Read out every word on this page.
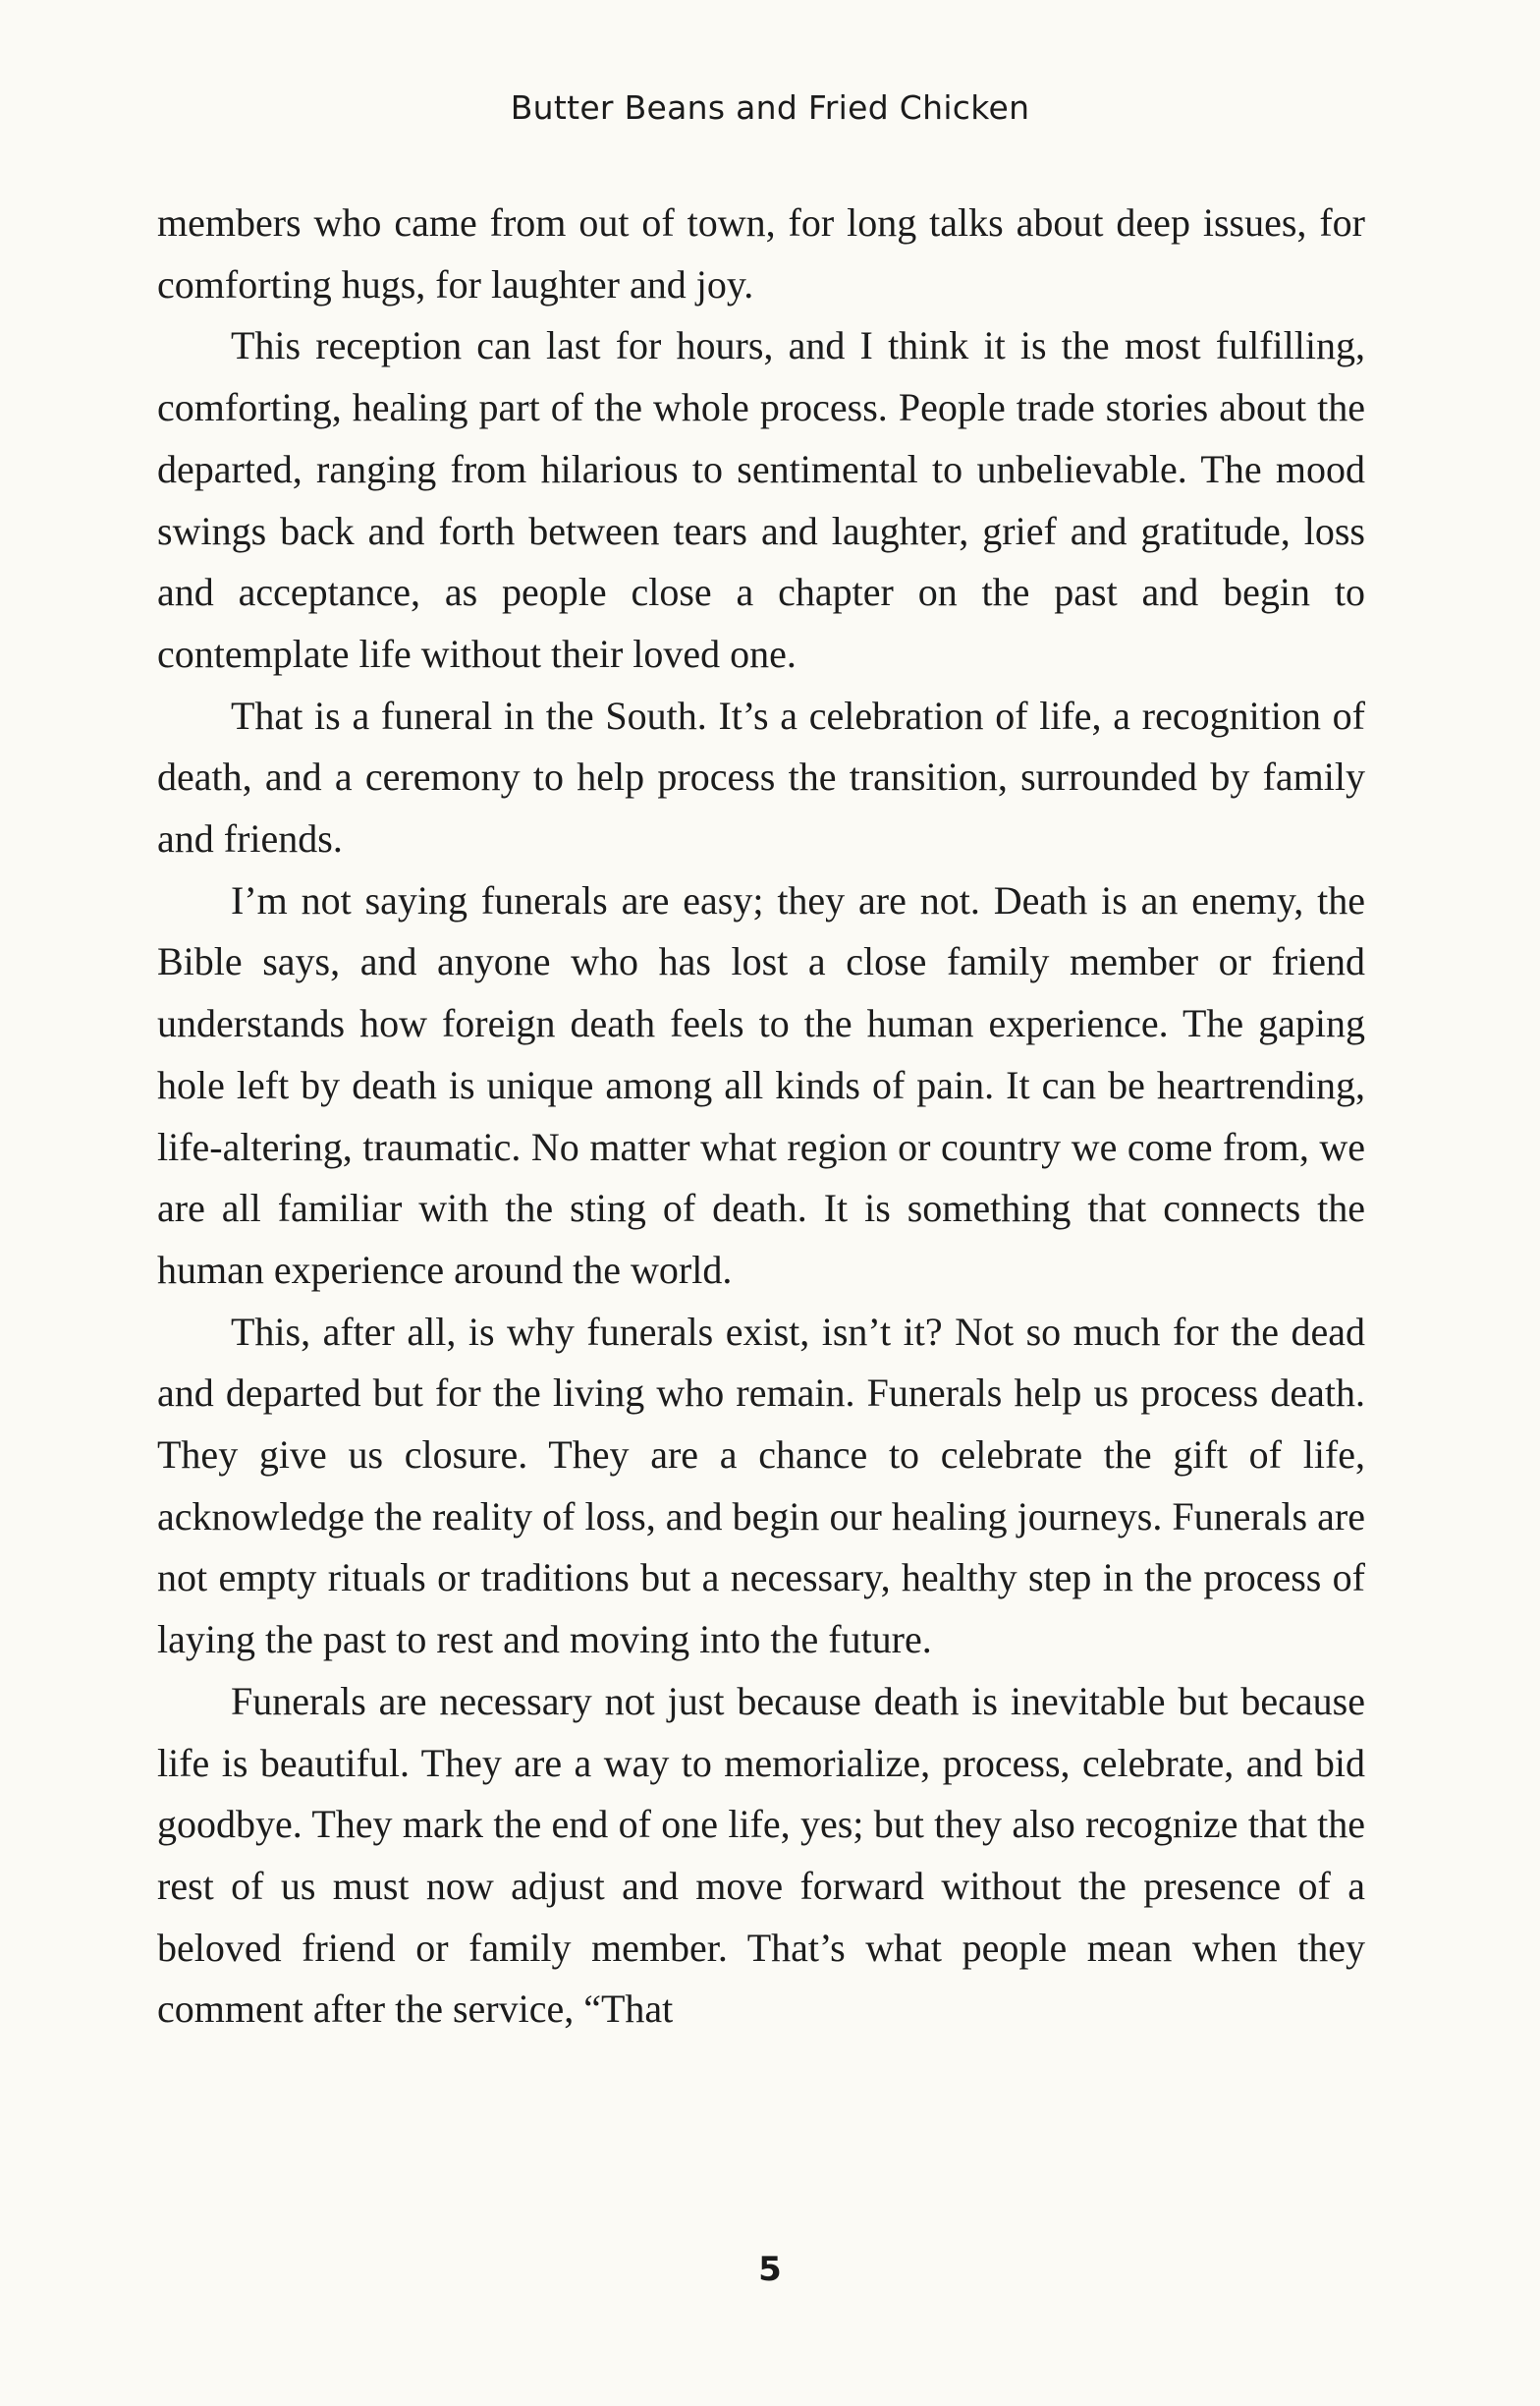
Butter Beans and Fried Chicken

members who came from out of town, for long talks about deep issues, for comforting hugs, for laughter and joy.

This reception can last for hours, and I think it is the most fulfilling, comforting, healing part of the whole process. People trade stories about the departed, ranging from hilarious to sentimental to unbelievable. The mood swings back and forth between tears and laughter, grief and gratitude, loss and acceptance, as people close a chapter on the past and begin to contemplate life without their loved one.

That is a funeral in the South. It’s a celebration of life, a recognition of death, and a ceremony to help process the transition, surrounded by family and friends.

I’m not saying funerals are easy; they are not. Death is an enemy, the Bible says, and anyone who has lost a close family member or friend understands how foreign death feels to the human experience. The gaping hole left by death is unique among all kinds of pain. It can be heartrending, life-altering, traumatic. No matter what region or country we come from, we are all familiar with the sting of death. It is something that connects the human experience around the world.

This, after all, is why funerals exist, isn’t it? Not so much for the dead and departed but for the living who remain. Funerals help us process death. They give us closure. They are a chance to celebrate the gift of life, acknowledge the reality of loss, and begin our healing journeys. Funerals are not empty rituals or traditions but a necessary, healthy step in the process of laying the past to rest and moving into the future.

Funerals are necessary not just because death is inevitable but because life is beautiful. They are a way to memorialize, process, celebrate, and bid goodbye. They mark the end of one life, yes; but they also recognize that the rest of us must now adjust and move forward without the presence of a beloved friend or family member. That’s what people mean when they comment after the service, “That

5
